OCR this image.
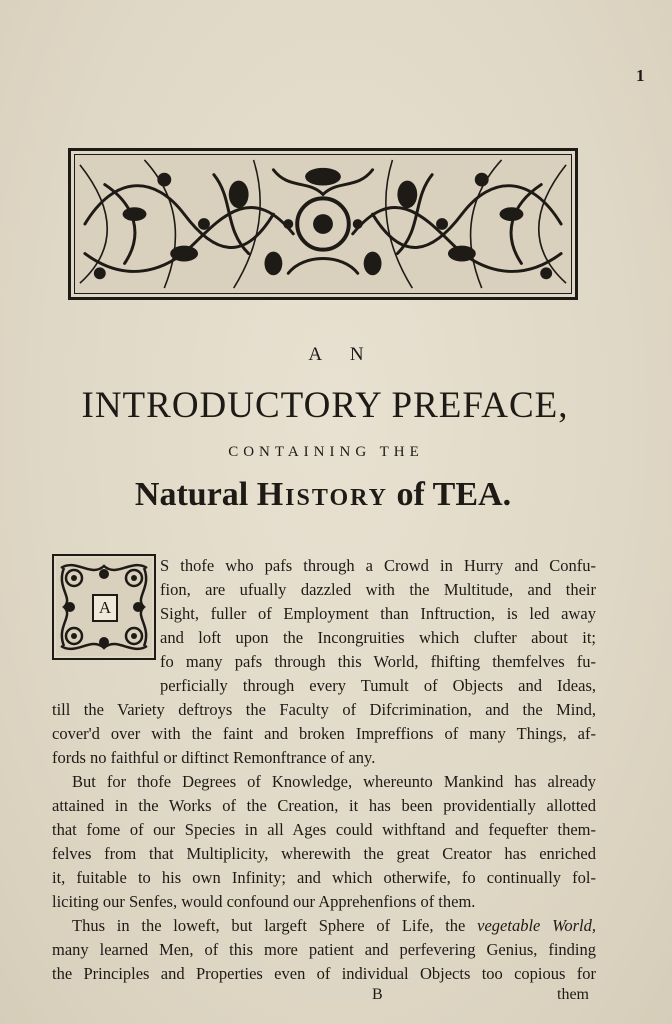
1
A N
INTRODUCTORY PREFACE,
CONTAINING THE
Natural History of TEA.
A
S thofe who pafs through a Crowd in Hurry and Confu-
fion, are ufually dazzled with the Multitude, and their
Sight, fuller of Employment than Inftruction, is led away
and loft upon the Incongruities which clufter about it;
fo many pafs through this World, fhifting themfelves fu-
perficially through every Tumult of Objects and Ideas,
till the Variety deftroys the Faculty of Difcrimination, and the Mind,
cover'd over with the faint and broken Impreffions of many Things, af-
fords no faithful or diftinct Remonftrance of any.
But for thofe Degrees of Knowledge, whereunto Mankind has already
attained in the Works of the Creation, it has been providentially allotted
that fome of our Species in all Ages could withftand and fequefter them-
felves from that Multiplicity, wherewith the great Creator has enriched
it, fuitable to his own Infinity; and which otherwife, fo continually fol-
liciting our Senfes, would confound our Apprehenfions of them.
Thus in the loweft, but largeft Sphere of Life, the vegetable World,
many learned Men, of this more patient and perfevering Genius, finding
the Principles and Properties even of individual Objects too copious for
B	them
